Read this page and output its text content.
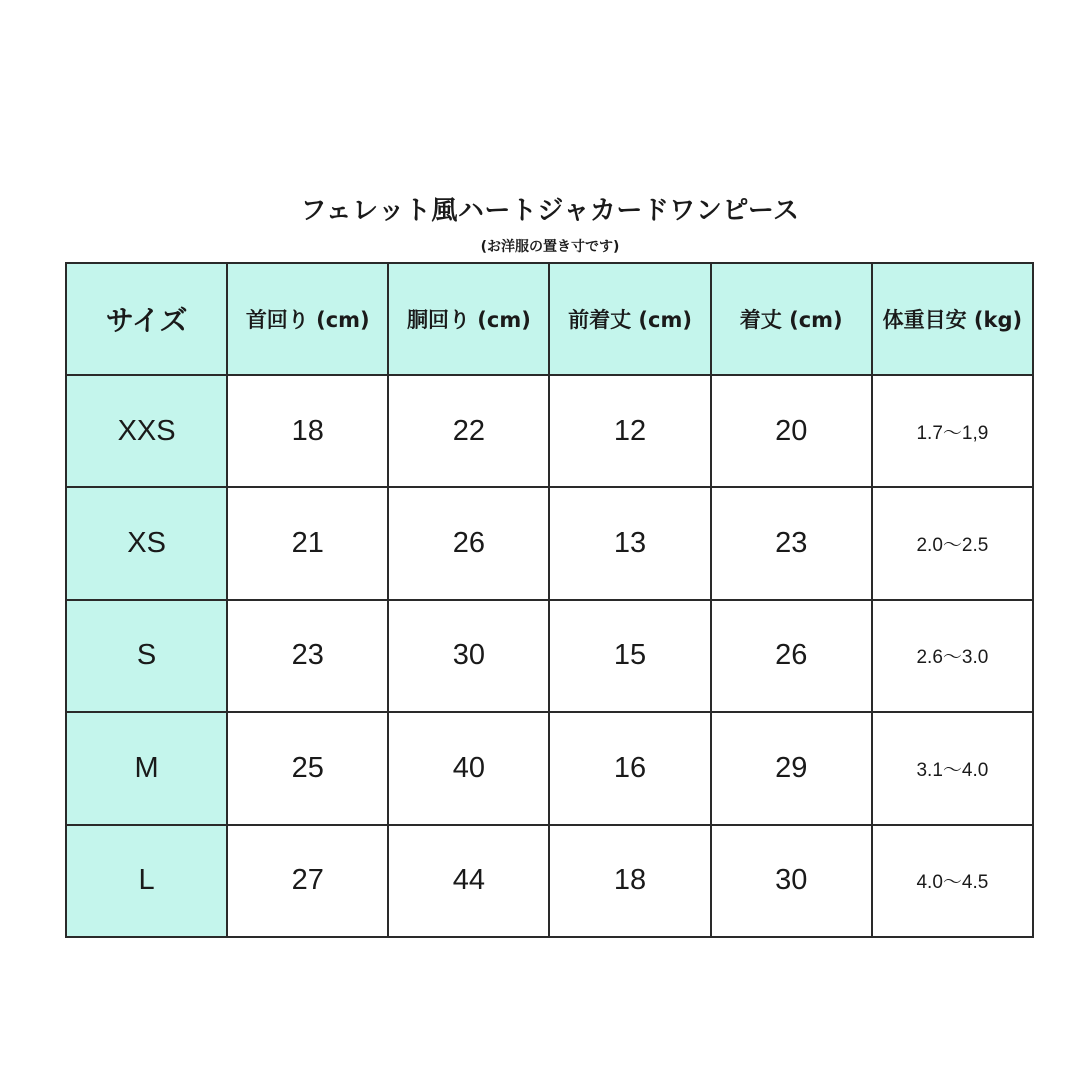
フェレット風ハートジャカードワンピース
(お洋服の置き寸です)
サイズ	首回り (cm)	胴回り (cm)	前着丈 (cm)	着丈 (cm)	体重目安 (kg)
XXS	18	22	12	20	1.7〜1,9
XS	21	26	13	23	2.0〜2.5
S	23	30	15	26	2.6〜3.0
M	25	40	16	29	3.1〜4.0
L	27	44	18	30	4.0〜4.5
